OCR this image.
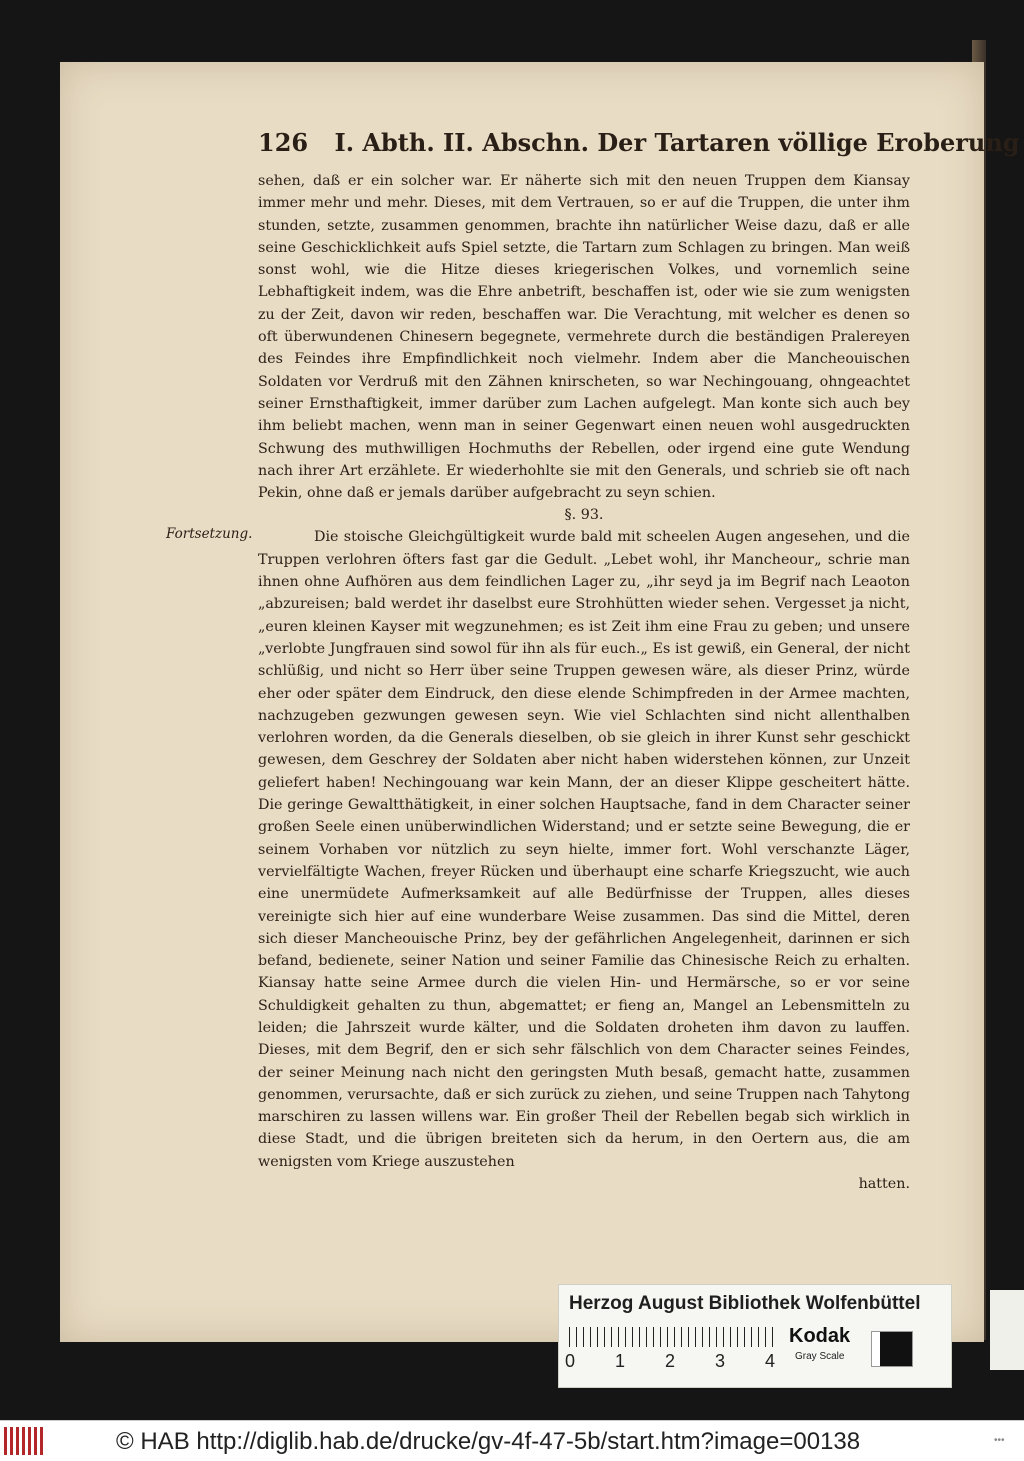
126 I. Abth. II. Abschn. Der Tartaren völlige Eroberung
Fortsetzung.

sehen, daß er ein solcher war. Er näherte sich mit den neuen Truppen dem Kiansay immer mehr und mehr. Dieses, mit dem Vertrauen, so er auf die Truppen, die unter ihm stunden, setzte, zusammen genommen, brachte ihn natürlicher Weise dazu, daß er alle seine Geschicklichkeit aufs Spiel setzte, die Tartarn zum Schlagen zu bringen. Man weiß sonst wohl, wie die Hitze dieses kriegerischen Volkes, und vornemlich seine Lebhaftigkeit indem, was die Ehre anbetrift, beschaffen ist, oder wie sie zum wenigsten zu der Zeit, davon wir reden, beschaffen war. Die Verachtung, mit welcher es denen so oft überwundenen Chinesern begegnete, vermehrete durch die beständigen Pralereyen des Feindes ihre Empfindlichkeit noch vielmehr. Indem aber die Mancheouischen Soldaten vor Verdruß mit den Zähnen knirscheten, so war Nechingouang, ohngeachtet seiner Ernsthaftigkeit, immer darüber zum Lachen aufgelegt. Man konte sich auch bey ihm beliebt machen, wenn man in seiner Gegenwart einen neuen wohl ausgedruckten Schwung des muthwilligen Hochmuths der Rebellen, oder irgend eine gute Wendung nach ihrer Art erzählete. Er wiederhohlte sie mit den Generals, und schrieb sie oft nach Pekin, ohne daß er jemals darüber aufgebracht zu seyn schien.

§. 93.

Die stoische Gleichgültigkeit wurde bald mit scheelen Augen angesehen, und die Truppen verlohren öfters fast gar die Gedult. „Lebet wohl, ihr Mancheour„ schrie man ihnen ohne Aufhören aus dem feindlichen Lager zu, „ihr seyd ja im Begrif nach Leaoton „abzureisen; bald werdet ihr daselbst eure Strohhütten wieder sehen. Vergesset ja nicht, „euren kleinen Kayser mit wegzunehmen; es ist Zeit ihm eine Frau zu geben; und unsere „verlobte Jungfrauen sind sowol für ihn als für euch.„ Es ist gewiß, ein General, der nicht schlüßig, und nicht so Herr über seine Truppen gewesen wäre, als dieser Prinz, würde eher oder später dem Eindruck, den diese elende Schimpfreden in der Armee machten, nachzugeben gezwungen gewesen seyn. Wie viel Schlachten sind nicht allenthalben verlohren worden, da die Generals dieselben, ob sie gleich in ihrer Kunst sehr geschickt gewesen, dem Geschrey der Soldaten aber nicht haben widerstehen können, zur Unzeit geliefert haben! Nechingouang war kein Mann, der an dieser Klippe gescheitert hätte. Die geringe Gewaltthätigkeit, in einer solchen Hauptsache, fand in dem Character seiner großen Seele einen unüberwindlichen Widerstand; und er setzte seine Bewegung, die er seinem Vorhaben vor nützlich zu seyn hielte, immer fort. Wohl verschanzte Läger, vervielfältigte Wachen, freyer Rücken und überhaupt eine scharfe Kriegszucht, wie auch eine unermüdete Aufmerksamkeit auf alle Bedürfnisse der Truppen, alles dieses vereinigte sich hier auf eine wunderbare Weise zusammen. Das sind die Mittel, deren sich dieser Mancheouische Prinz, bey der gefährlichen Angelegenheit, darinnen er sich befand, bedienete, seiner Nation und seiner Familie das Chinesische Reich zu erhalten. Kiansay hatte seine Armee durch die vielen Hin- und Hermärsche, so er vor seine Schuldigkeit gehalten zu thun, abgemattet; er fieng an, Mangel an Lebensmitteln zu leiden; die Jahrszeit wurde kälter, und die Soldaten droheten ihm davon zu lauffen. Dieses, mit dem Begrif, den er sich sehr fälschlich von dem Character seines Feindes, der seiner Meinung nach nicht den geringsten Muth besaß, gemacht hatte, zusammen genommen, verursachte, daß er sich zurück zu ziehen, und seine Truppen nach Tahytong marschiren zu lassen willens war. Ein großer Theil der Rebellen begab sich wirklich in diese Stadt, und die übrigen breiteten sich da herum, in den Oertern aus, die am wenigsten vom Kriege auszustehen

hatten.

Herzog August Bibliothek Wolfenbüttel
0 1 2 3 4
Kodak
Gray Scale
© HAB http://diglib.hab.de/drucke/gv-4f-47-5b/start.htm?image=00138	•••
